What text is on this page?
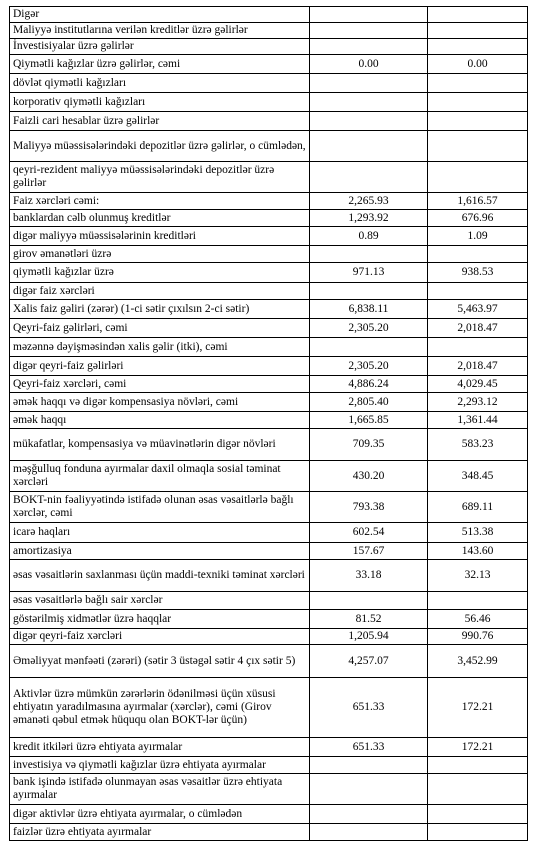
Digər		
Maliyyə institutlarına verilən kreditlər üzrə gəlirlər		
İnvestisiyalar üzrə gəlirlər		
Qiymətli kağızlar üzrə gəlirlər, cəmi	0.00	0.00
dövlət qiymətli kağızları		
korporativ qiymətli kağızları		
Faizli cari hesablar üzrə gəlirlər		
Maliyyə müəssisələrindəki depozitlər üzrə gəlirlər, o cümlədən,		
qeyri-rezident maliyyə müəssisələrindəki depozitlər üzrə gəlirlər		
Faiz xərcləri cəmi:	2,265.93	1,616.57
banklardan cəlb olunmuş kreditlər	1,293.92	676.96
digər maliyyə müəssisələrinin kreditləri	0.89	1.09
girov əmanətləri üzrə		
qiymətli kağızlar üzrə	971.13	938.53
digər faiz xərcləri		
Xalis faiz gəliri (zərər) (1-ci sətir çıxılsın 2-ci sətir)	6,838.11	5,463.97
Qeyri-faiz gəlirləri, cəmi	2,305.20	2,018.47
məzənnə dəyişməsindən xalis gəlir (itki), cəmi		
digər qeyri-faiz gəlirləri	2,305.20	2,018.47
Qeyri-faiz xərcləri, cəmi	4,886.24	4,029.45
əmək haqqı və digər kompensasiya növləri, cəmi	2,805.40	2,293.12
əmək haqqı	1,665.85	1,361.44
mükafatlar, kompensasiya və müavinətlərin digər növləri	709.35	583.23
məşğulluq fonduna ayırmalar daxil olmaqla sosial təminat xərcləri	430.20	348.45
BOKT-nin fəaliyyətində istifadə olunan əsas vəsaitlərlə bağlı xərclər, cəmi	793.38	689.11
icarə haqları	602.54	513.38
amortizasiya	157.67	143.60
əsas vəsaitlərin saxlanması üçün maddi-texniki təminat xərcləri	33.18	32.13
əsas vəsaitlərlə bağlı sair xərclər		
göstərilmiş xidmətlər üzrə haqqlar	81.52	56.46
digər qeyri-faiz xərcləri	1,205.94	990.76
Əməliyyat mənfəəti (zərəri) (sətir 3 üstəgəl sətir 4 çıx sətir 5)	4,257.07	3,452.99
Aktivlər üzrə mümkün zərərlərin ödənilməsi üçün xüsusi ehtiyatın yaradılmasına ayırmalar (xərclər), cəmi (Girov əmanəti qəbul etmək hüququ olan BOKT-lər üçün)	651.33	172.21
kredit itkiləri üzrə ehtiyata ayırmalar	651.33	172.21
investisiya və qiymətli kağızlar üzrə ehtiyata ayırmalar		
bank işində istifadə olunmayan əsas vəsaitlər üzrə ehtiyata ayırmalar		
digər aktivlər üzrə ehtiyata ayırmalar, o cümlədən		
faizlər üzrə ehtiyata ayırmalar		
